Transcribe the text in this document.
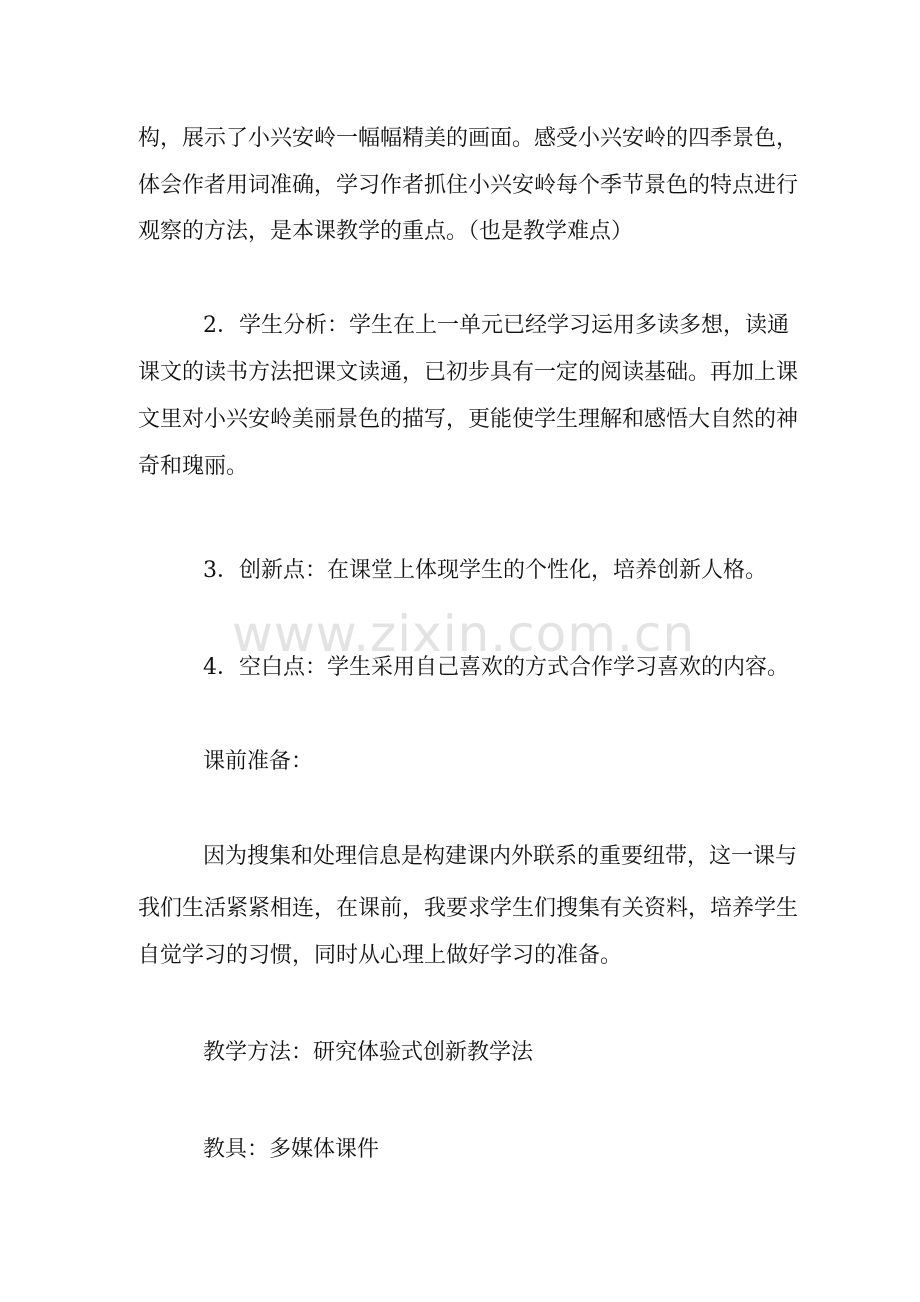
www.zixin.com.cn
构，展示了小兴安岭一幅幅精美的画面。感受小兴安岭的四季景色，
体会作者用词准确，学习作者抓住小兴安岭每个季节景色的特点进行
观察的方法，是本课教学的重点。（也是教学难点）
2．学生分析：学生在上一单元已经学习运用多读多想，读通
课文的读书方法把课文读通，已初步具有一定的阅读基础。再加上课
文里对小兴安岭美丽景色的描写，更能使学生理解和感悟大自然的神
奇和瑰丽。
3．创新点：在课堂上体现学生的个性化，培养创新人格。
4．空白点：学生采用自己喜欢的方式合作学习喜欢的内容。
课前准备：
因为搜集和处理信息是构建课内外联系的重要纽带，这一课与
我们生活紧紧相连，在课前，我要求学生们搜集有关资料，培养学生
自觉学习的习惯，同时从心理上做好学习的准备。
教学方法：研究体验式创新教学法
教具：多媒体课件
